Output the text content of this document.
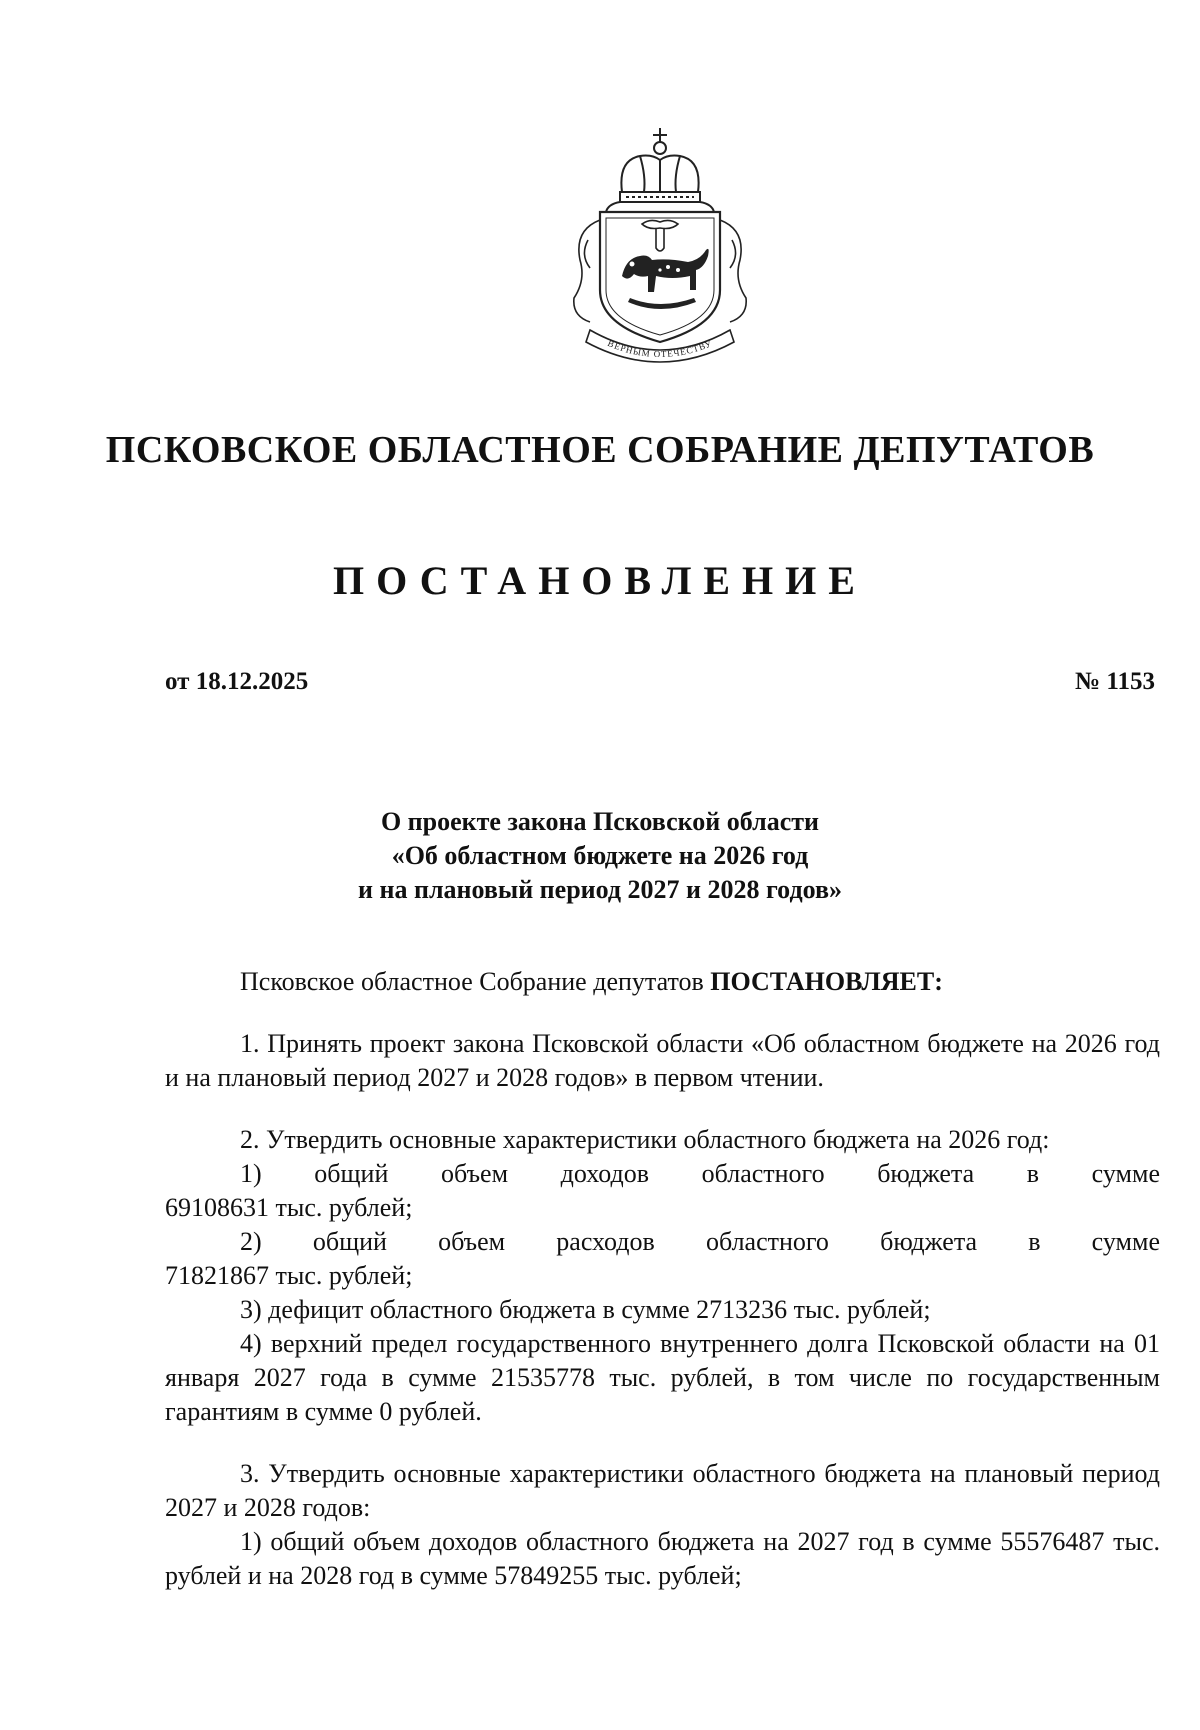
ВЕРНЫМ ОТЕЧЕСТВУ
ПСКОВСКОЕ ОБЛАСТНОЕ СОБРАНИЕ ДЕПУТАТОВ
ПОСТАНОВЛЕНИЕ
от 18.12.2025	№ 1153
О проекте закона Псковской области
«Об областном бюджете на 2026 год
и на плановый период 2027 и 2028 годов»

Псковское областное Собрание депутатов ПОСТАНОВЛЯЕТ:

1. Принять проект закона Псковской области «Об областном бюджете на 2026 год и на плановый период 2027 и 2028 годов» в первом чтении.

2. Утвердить основные характеристики областного бюджета на 2026 год:

1) общий объем доходов областного бюджета в сумме

69108631 тыс. рублей;

2) общий объем расходов областного бюджета в сумме

71821867 тыс. рублей;

3) дефицит областного бюджета в сумме 2713236 тыс. рублей;

4) верхний предел государственного внутреннего долга Псковской области на 01 января 2027 года в сумме 21535778 тыс. рублей, в том числе по государственным гарантиям в сумме 0 рублей.

3. Утвердить основные характеристики областного бюджета на плановый период 2027 и 2028 годов:

1) общий объем доходов областного бюджета на 2027 год в сумме 55576487 тыс. рублей и на 2028 год в сумме 57849255 тыс. рублей;
